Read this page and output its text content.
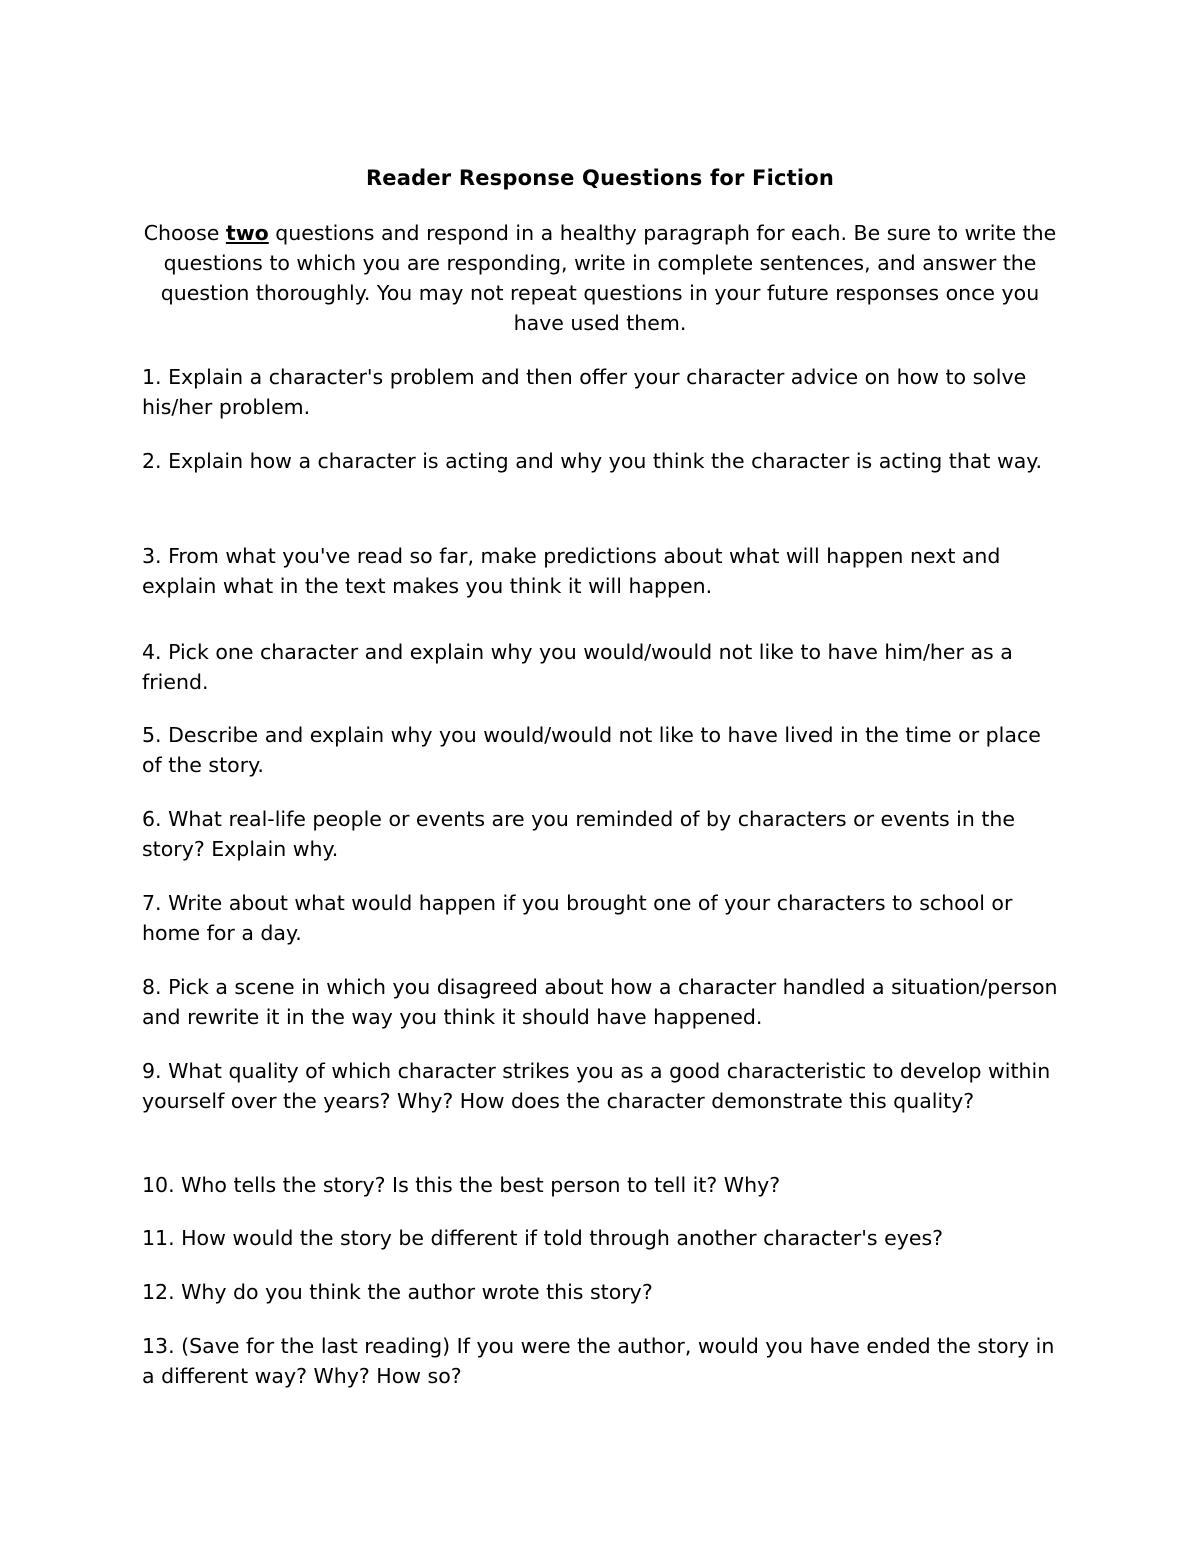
Reader Response Questions for Fiction
Choose two questions and respond in a healthy paragraph for each. Be sure to write the questions to which you are responding, write in complete sentences, and answer the question thoroughly. You may not repeat questions in your future responses once you have used them.

1. Explain a character's problem and then offer your character advice on how to solve his/her problem.

2. Explain how a character is acting and why you think the character is acting that way.

3. From what you've read so far, make predictions about what will happen next and explain what in the text makes you think it will happen.

4. Pick one character and explain why you would/would not like to have him/her as a friend.

5. Describe and explain why you would/would not like to have lived in the time or place of the story.

6. What real-life people or events are you reminded of by characters or events in the story? Explain why.

7. Write about what would happen if you brought one of your characters to school or home for a day.

8. Pick a scene in which you disagreed about how a character handled a situation/person and rewrite it in the way you think it should have happened.

9. What quality of which character strikes you as a good characteristic to develop within yourself over the years? Why? How does the character demonstrate this quality?

10. Who tells the story? Is this the best person to tell it? Why?

11. How would the story be different if told through another character's eyes?

12. Why do you think the author wrote this story?

13. (Save for the last reading) If you were the author, would you have ended the story in a different way? Why? How so?
